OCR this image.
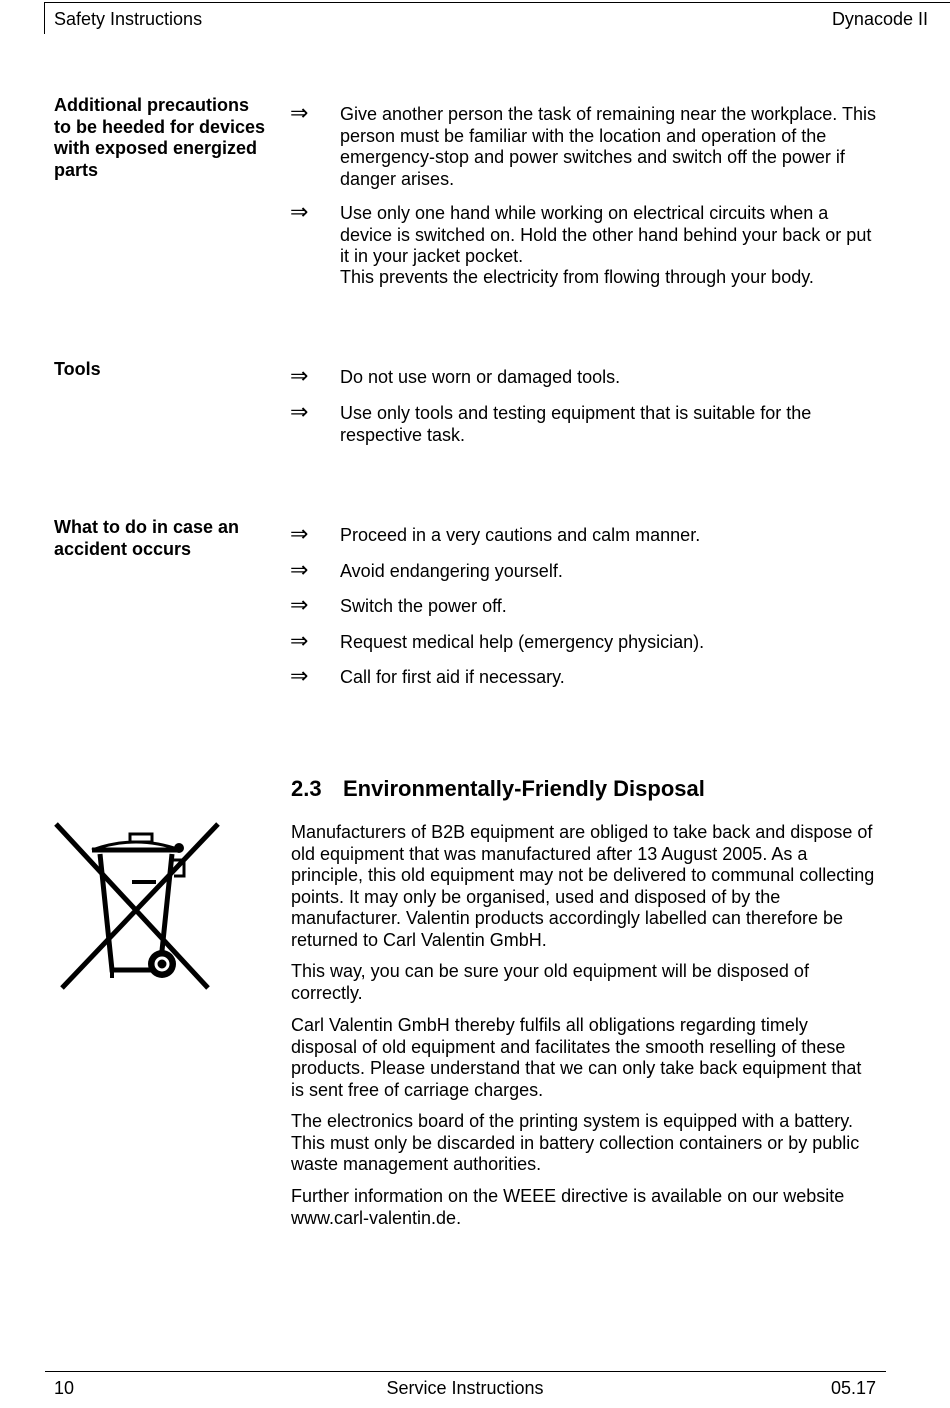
Safety Instructions	Dynacode II
Additional precautions to be heeded for devices with exposed energized parts
⇒ Give another person the task of remaining near the workplace. This person must be familiar with the location and operation of the emergency-stop and power switches and switch off the power if danger arises.
⇒ Use only one hand while working on electrical circuits when a device is switched on. Hold the other hand behind your back or put it in your jacket pocket.
This prevents the electricity from flowing through your body.
Tools	⇒ Do not use worn or damaged tools.
⇒ Use only tools and testing equipment that is suitable for the respective task.
What to do in case an accident occurs
⇒ Proceed in a very cautions and calm manner.
⇒ Avoid endangering yourself.
⇒ Switch the power off.
⇒ Request medical help (emergency physician).
⇒ Call for first aid if necessary.
2.3 Environmentally-Friendly Disposal
Manufacturers of B2B equipment are obliged to take back and dispose of old equipment that was manufactured after 13 August 2005. As a principle, this old equipment may not be delivered to communal collecting points. It may only be organised, used and disposed of by the manufacturer. Valentin products accordingly labelled can therefore be returned to Carl Valentin GmbH.
This way, you can be sure your old equipment will be disposed of correctly.
Carl Valentin GmbH thereby fulfils all obligations regarding timely disposal of old equipment and facilitates the smooth reselling of these products. Please understand that we can only take back equipment that is sent free of carriage charges.
The electronics board of the printing system is equipped with a battery. This must only be discarded in battery collection containers or by public waste management authorities.
Further information on the WEEE directive is available on our website www.carl-valentin.de.
10	Service Instructions	05.17
